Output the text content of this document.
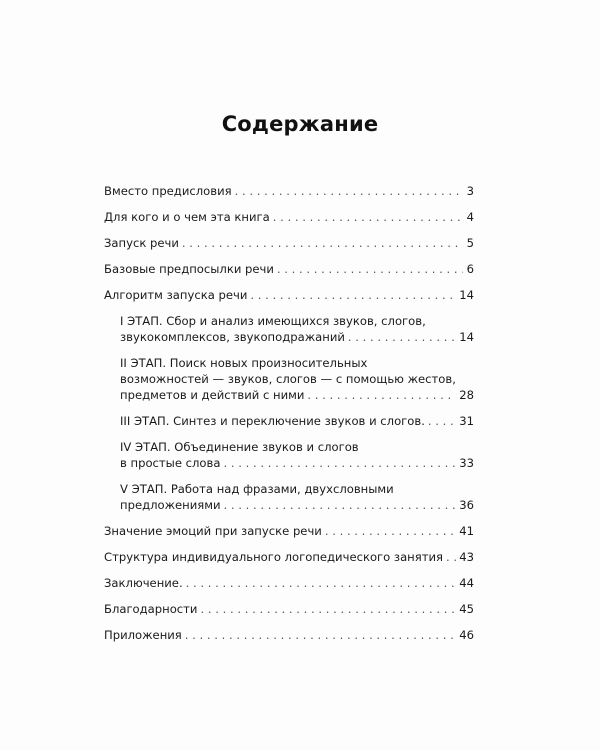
Содержание
Вместо предисловия . . .	3
Для кого и о чем эта книга . . .	4
Запуск речи . . .	5
Базовые предпосылки речи . . .	6
Алгоритм запуска речи . . .	14
I ЭТАП. Сбор и анализ имеющихся звуков, слогов,
звукокомплексов, звукоподражаний . . .	14
II ЭТАП. Поиск новых произносительных
возможностей — звуков, слогов — с помощью жестов,
предметов и действий с ними . . .	28
III ЭТАП. Синтез и переключение звуков и слогов. . . .	31
IV ЭТАП. Объединение звуков и слогов
в простые слова . . .	33
V ЭТАП. Работа над фразами, двухсловными
предложениями . . .	36
Значение эмоций при запуске речи . . .	41
Структура индивидуального логопедического занятия . . . 43
Заключение. . . .	44
Благодарности . . .	45
Приложения . . .	46
